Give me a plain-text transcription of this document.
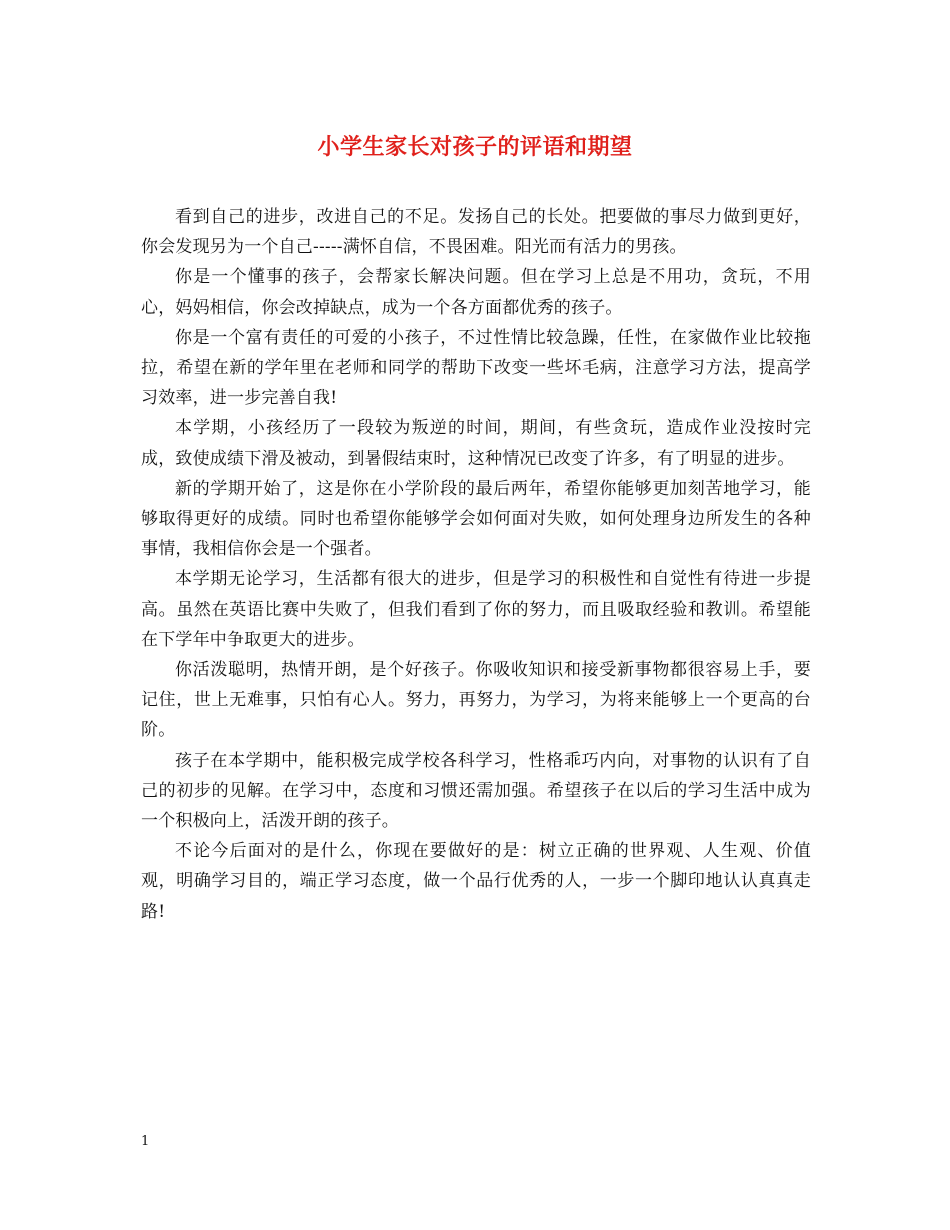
小学生家长对孩子的评语和期望

看到自己的进步，改进自己的不足。发扬自己的长处。把要做的事尽力做到更好，你会发现另为一个自己-----满怀自信，不畏困难。阳光而有活力的男孩。

你是一个懂事的孩子，会帮家长解决问题。但在学习上总是不用功，贪玩，不用心，妈妈相信，你会改掉缺点，成为一个各方面都优秀的孩子。

你是一个富有责任的可爱的小孩子，不过性情比较急躁，任性，在家做作业比较拖拉，希望在新的学年里在老师和同学的帮助下改变一些坏毛病，注意学习方法，提高学习效率，进一步完善自我!

本学期，小孩经历了一段较为叛逆的时间，期间，有些贪玩，造成作业没按时完成，致使成绩下滑及被动，到暑假结束时，这种情况已改变了许多，有了明显的进步。

新的学期开始了，这是你在小学阶段的最后两年，希望你能够更加刻苦地学习，能够取得更好的成绩。同时也希望你能够学会如何面对失败，如何处理身边所发生的各种事情，我相信你会是一个强者。

本学期无论学习，生活都有很大的进步，但是学习的积极性和自觉性有待进一步提高。虽然在英语比赛中失败了，但我们看到了你的努力，而且吸取经验和教训。希望能在下学年中争取更大的进步。

你活泼聪明，热情开朗，是个好孩子。你吸收知识和接受新事物都很容易上手，要记住，世上无难事，只怕有心人。努力，再努力，为学习，为将来能够上一个更高的台阶。

孩子在本学期中，能积极完成学校各科学习，性格乖巧内向，对事物的认识有了自己的初步的见解。在学习中，态度和习惯还需加强。希望孩子在以后的学习生活中成为一个积极向上，活泼开朗的孩子。

不论今后面对的是什么，你现在要做好的是：树立正确的世界观、人生观、价值观，明确学习目的，端正学习态度，做一个品行优秀的人，一步一个脚印地认认真真走路!

1
